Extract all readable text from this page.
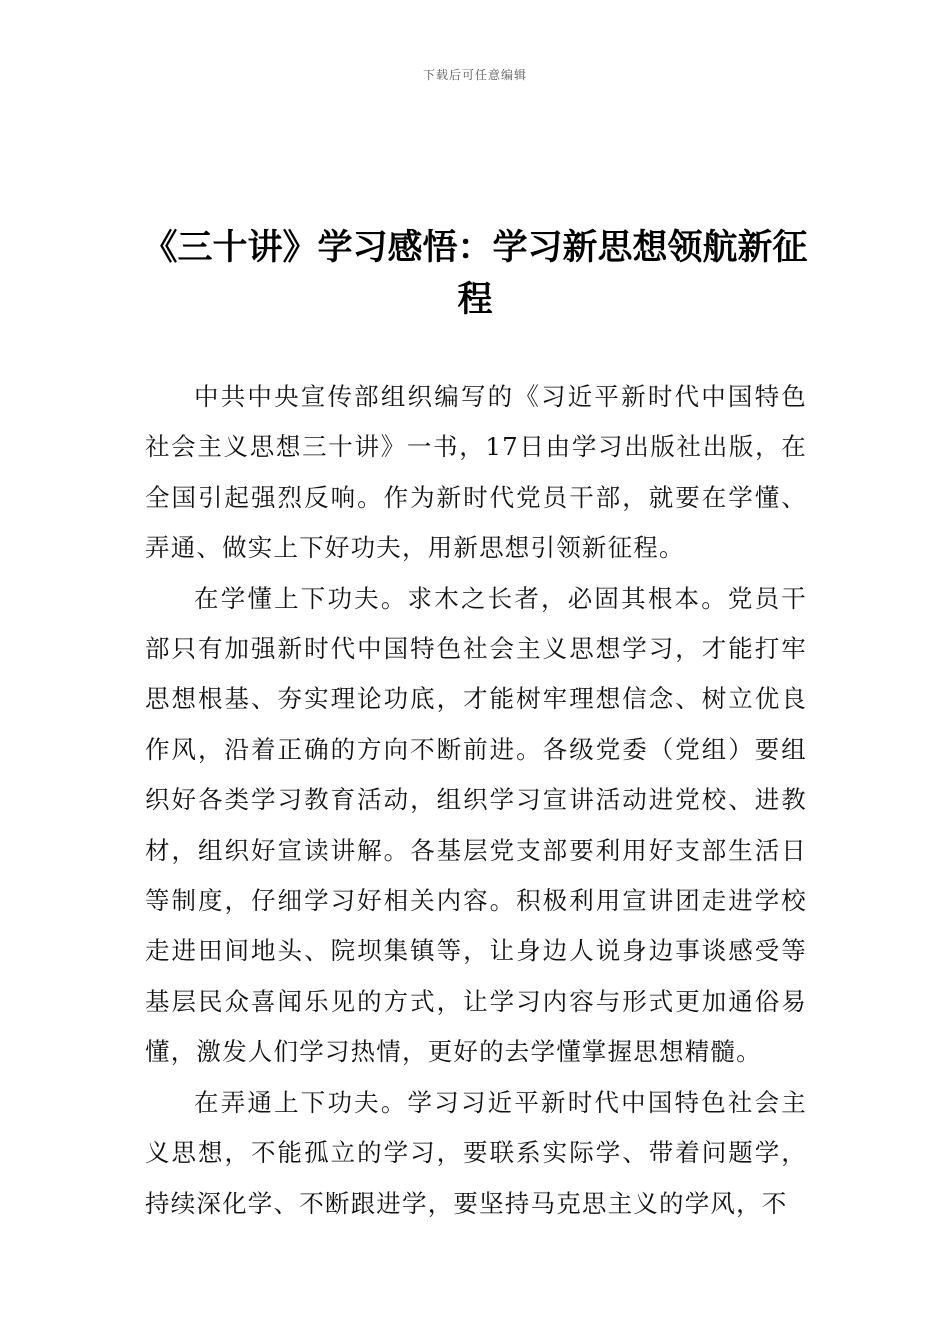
下载后可任意编辑
《三十讲》学习感悟：学习新思想领航新征程

中共中央宣传部组织编写的《习近平新时代中国特色社会主义思想三十讲》一书，17日由学习出版社出版，在全国引起强烈反响。作为新时代党员干部，就要在学懂、弄通、做实上下好功夫，用新思想引领新征程。

在学懂上下功夫。求木之长者，必固其根本。党员干部只有加强新时代中国特色社会主义思想学习，才能打牢思想根基、夯实理论功底，才能树牢理想信念、树立优良作风，沿着正确的方向不断前进。各级党委（党组）要组织好各类学习教育活动，组织学习宣讲活动进党校、进教材，组织好宣读讲解。各基层党支部要利用好支部生活日等制度，仔细学习好相关内容。积极利用宣讲团走进学校走进田间地头、院坝集镇等，让身边人说身边事谈感受等基层民众喜闻乐见的方式，让学习内容与形式更加通俗易懂，激发人们学习热情，更好的去学懂掌握思想精髓。

在弄通上下功夫。学习习近平新时代中国特色社会主义思想，不能孤立的学习，要联系实际学、带着问题学，持续深化学、不断跟进学，要坚持马克思主义的学风，不
